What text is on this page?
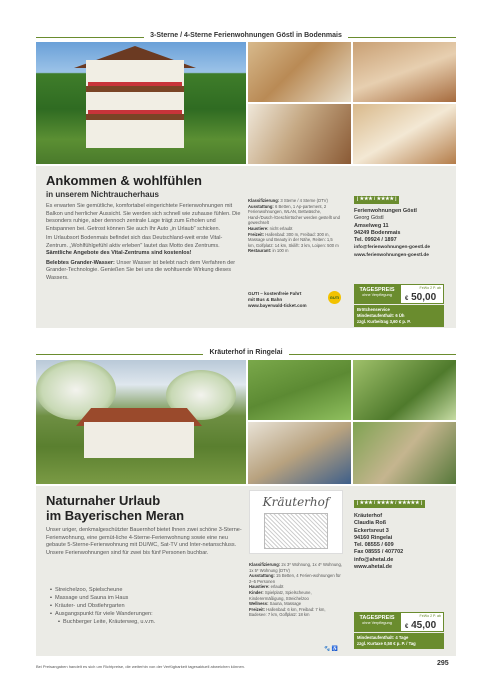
3-Sterne / 4-Sterne Ferienwohnungen Göstl in Bodenmais
Ankommen & wohlfühlen
in unserem Nichtraucherhaus

Es erwarten Sie gemütliche, komfortabel eingerichtete Ferienwohnungen mit Balkon und herrlicher Aussicht. Sie werden sich schnell wie zuhause fühlen. Die besonders ruhige, aber dennoch zentrale Lage trägt zum Erholen und Entspannen bei. Getrost können Sie auch Ihr Auto „in Urlaub" schicken.

Im Urlaubsort Bodenmais befindet sich das Deutschland-weit erste Vital-Zentrum. „Wohlfühlgefühl aktiv erleben" lautet das Motto des Zentrums. Sämtliche Angebote des Vital-Zentrums sind kostenlos!

Belebtes Grander-Wasser: Unser Wasser ist belebt nach dem Verfahren der Grander-Technologie. Genießen Sie bei uns die wohltuende Wirkung dieses Wassers.

Klassifizierung: 3 Sterne / 4 Sterne (DTV)

Ausstattung: 6 Betten, 1 Ap-partement, 2 Ferienwohnungen, WLAN, Bettwäsche, Hand-/Dusch-/Geschirrtücher werden gestellt und gewechselt

Haustiere: nicht erlaubt

Freizeit: Hallenbad: 300 m, Freibad: 300 m, Massage und Beauty in der Nähe, Reiten: 1,5 km, Golfplatz: 14 km, Skilift: 3 km, Loipen: 500 m

Restaurant: in 100 m

GUTI – kostenfreie Fahrt
mit Bus & Bahn
www.bayerwald-ticket.com
GUTi
| ★★★ / ★★★★ |
Ferienwohnungen Göstl
Georg Göstl
Amselweg 11
94249 Bodenmais
Tel. 09924 / 1897
info@ferienwohnungen-goestl.de
www.ferienwohnungen-goestl.de
TAGESPREIS
ohne Verpflegung
FeWo 2 P. ab
€ 50,00
Brötchenservice
Mindestaufenthalt: 6 Üh
zzgl. Kurbeitrag 3,60 € p. P.
Kräuterhof in Ringelai
Naturnaher Urlaub
im Bayerischen Meran
Unser uriger, denkmalgeschützter Bauernhof bietet Ihnen zwei schöne 3-Sterne-Ferienwohnung, eine gemüt-liche 4-Sterne-Ferienwohnung sowie eine neu gebaute 5-Sterne-Ferienwohnung mit DU/WC, Sat-TV und Inter-netanschluss. Unsere Ferienwohnungen sind für zwei bis fünf Personen buchbar.
• Streichelzoo, Spielscheune
• Massage und Sauna im Haus
• Kräuter- und Obstlehrgarten
• Ausgangspunkt für viele Wanderungen:
• Buchberger Leite, Kräuterweg, u.v.m.
Kräuterhof

Klassifizierung: 2x 3* Wohnung, 1x 4* Wohnung, 1x 5* Wohnung (DTV)

Ausstattung: 15 Betten, 4 Ferien-wohnungen für 2–5 Personen

Haustiere: erlaubt

Kinder: Spielplatz, Spielscheune, Kinderermäßigung, Streichelzoo

Wellness: Sauna, Massage

Freizeit: Hallenbad: 6 km, Freibad: 7 km, Badesee: 7 km, Golfplatz: 18 km

🐾 ♿
| ★★★ / ★★★★ / ★★★★★ |
Kräuterhof
Claudia Roß
Eckertsreut 3
94160 Ringelai
Tel. 08555 / 609
Fax 08555 / 407702
info@ahetal.de
www.ahetal.de
TAGESPREIS
ohne Verpflegung
FeWo 2 P. ab
€ 45,00
Mindestaufenthalt: 4 Tage
zzgl. Kurtaxe 0,50 € p. P. / Tag
Bei Preisangaben handelt es sich um Richtpreise, die weiterhin von der Verfügbarkeit tagesaktuell abweichen können.	295
